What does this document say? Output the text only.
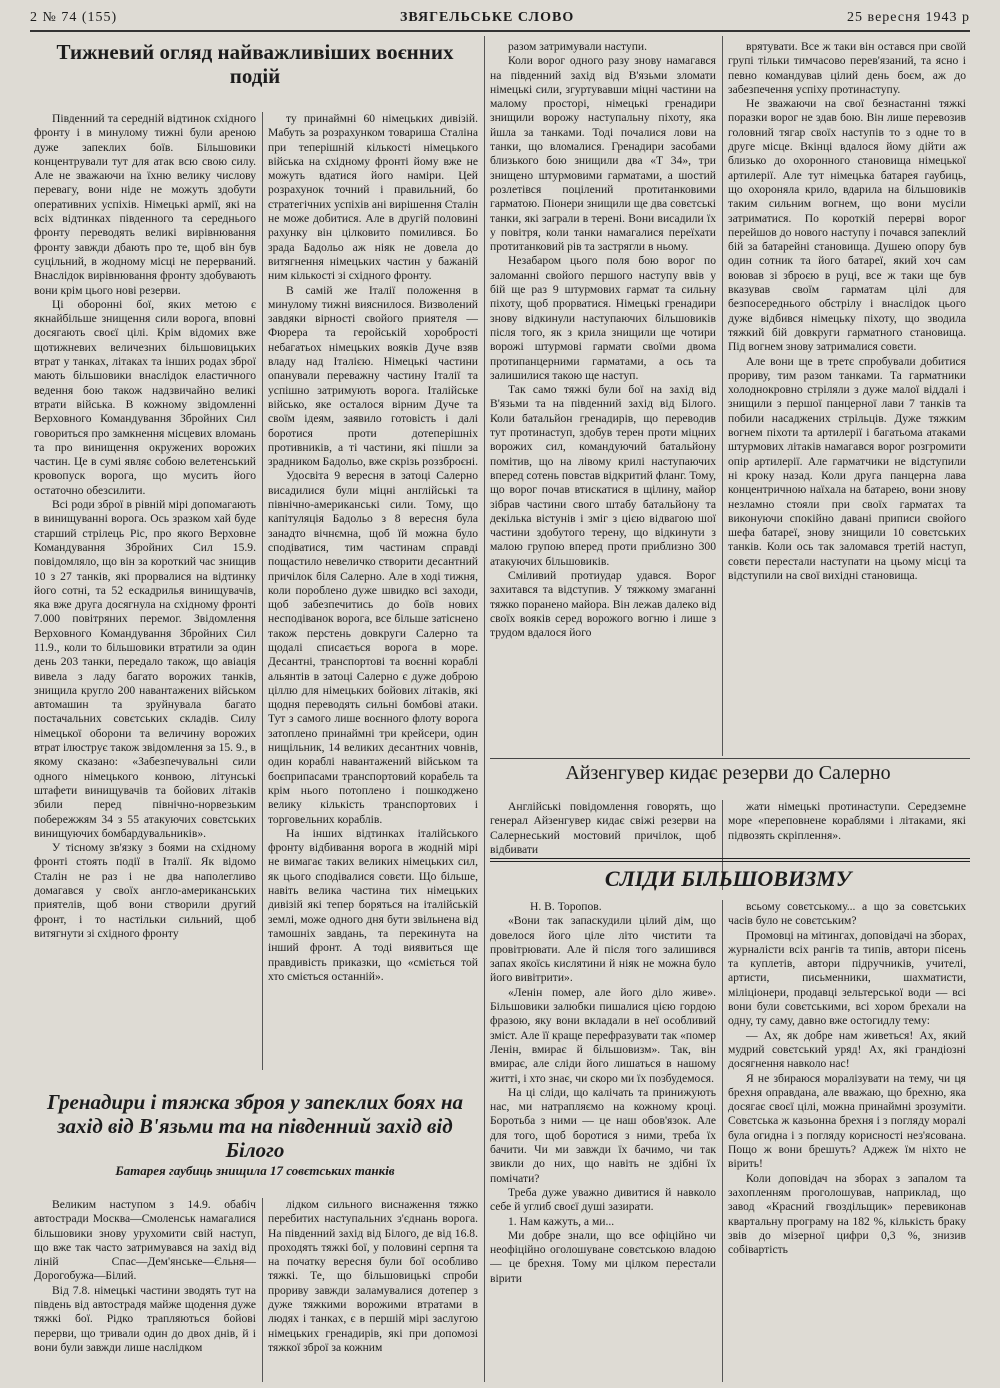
2 № 74 (155)	ЗВЯГЕЛЬСЬКЕ СЛОВО	25 вересня 1943 р
Тижневий огляд найважливіших воєнних подій

Південний та середній відтинок східного фронту і в минулому тижні були ареною дуже запеклих боїв. Більшовики концентрували тут для атак всю свою силу. Але не зважаючи на їхню велику числову перевагу, вони ніде не можуть здобути оперативних успіхів. Німецькі армії, які на всіх відтинках південного та середнього фронту переводять великі вирівнювання фронту завжди дбають про те, щоб він був суцільний, в жодному місці не перерваний. Внаслідок вирівнювання фронту здобувають вони крім цього нові резерви.

Ці оборонні бої, яких метою є якнайбільше знищення сили ворога, вповні досягають своєї цілі. Крім відомих вже щотижневих величезних більшовицьких втрат у танках, літаках та інших родах зброї мають більшовики внаслідок еластичного ведення бою також надзвичайно великі втрати війська. В кожному звідомленні Верховного Командування Збройних Сил говориться про замкнення місцевих вломань та про винищення окружених ворожих частин. Це в сумі являє собою велетенський кровопуск ворога, що мусить його остаточно обезсилити.

Всі роди зброї в рівній мірі допомагають в винищуванні ворога. Ось зразком хай буде старший стрілець Ріс, про якого Верховне Командування Збройних Сил 15.9. повідомляло, що він за короткий час знищив 10 з 27 танків, які прорвалися на відтинку його сотні, та 52 ескадрилья винищувачів, яка вже друга досягнула на східному фронті 7.000 повітряних перемог. Звідомлення Верховного Командування Збройних Сил 11.9., коли то більшовики втратили за один день 203 танки, передало також, що авіація вивела з ладу багато ворожих танків, знищила кругло 200 навантажених військом автомашин та зруйнувала багато постачальних совєтських складів. Силу німецької оборони та величину ворожих втрат ілюструє також звідомлення за 15. 9., в якому сказано: «Забезпечувальні сили одного німецького конвою, літунські штафети винищувачів та бойових літаків збили перед північно-норвезьким побережжям 34 з 55 атакуючих совєтських винищуючих бомбардувальників».

У тісному зв'язку з боями на східному фронті стоять події в Італії. Як відомо Сталін не раз і не два наполегливо домагався у своїх англо-американських приятелів, щоб вони створили другий фронт, і то настільки сильний, щоб витягнути зі східного фронту

ту принаймні 60 німецьких дивізій. Мабуть за розрахунком товариша Сталіна при теперішній кількості німецького війська на східному фронті йому вже не можуть вдатися його наміри. Цей розрахунок точний і правильний, бо стратегічних успіхів ані вирішення Сталін не може добитися. Але в другій половині рахунку він цілковито помилився. Бо зрада Бадольо аж ніяк не довела до витягнення німецьких частин у бажаній ним кількості зі східного фронту.

В самій же Італії положення в минулому тижні вияснилося. Визволений завдяки вірності свойого приятеля — Фюрера та геройській хоробрості небагатьох німецьких вояків Дуче взяв владу над Італією. Німецькі частини опанували переважну частину Італії та успішно затримують ворога. Італійське військо, яке осталося вірним Дуче та своїм ідеям, заявило готовість і далі боротися проти дотеперішніх противників, а ті частини, які пішли за зрадником Бадольо, вже скрізь роззброєні.

Удосвіта 9 вересня в затоці Салерно висадилися були міцні англійські та північно-американські сили. Тому, що капітуляція Бадольо з 8 вересня була занадто вічнємна, щоб їй можна було сподіватися, тим частинам справді пощастило невеличко створити десантний причілок біля Салерно. Але в ході тижня, коли пороблено дуже швидко всі заходи, щоб забезпечитись до боїв нових несподіванок ворога, все більше затіснено також перстень довкруги Салерно та щодалі списається ворога в море. Десантні, транспортові та воєнні кораблі альянтів в затоці Салерно є дуже доброю ціллю для німецьких бойових літаків, які щодня переводять сильні бомбові атаки. Тут з самого лише воєнного флоту ворога затоплено принаймні три крейсери, один нищільник, 14 великих десантних човнів, один кораблі навантажений військом та боєприпасами транспортовий корабель та крім нього потоплено і пошкоджено велику кількість транспортових і торговельних кораблів.

На інших відтинках італійського фронту відбивання ворога в жодній мірі не вимагає таких великих німецьких сил, як цього сподівалися совєти. Що більше, навіть велика частина тих німецьких дивізій які тепер боряться на італійській землі, може одного дня бути звільнена від тамошніх завдань, та перекинута на інший фронт. А тоді виявиться ще правдивість приказки, що «сміється той хто сміється останній».

Гренадири і тяжка зброя у запеклих боях на захід від В'язьми та на південний захід від Білого
Батарея гаубиць знищила 17 совєтських танків

Великим наступом з 14.9. обабіч автостради Москва—Смоленськ намагалися більшовики знову урухомити свій наступ, що вже так часто затримувався на захід від ліній Спас—Дем'янське—Єльня—Дорогобужа—Білий.

Від 7.8. німецькі частини зводять тут на південь від автострадя майже щодення дуже тяжкі бої. Рідко трапляються бойові перерви, що тривали один до двох днів, й і вони були завжди лише наслідком

лідком сильного виснаження тяжко перебитих наступальних з'єднань ворога. На південний захід від Білого, де від 16.8. проходять тяжкі бої, у половині серпня та на початку вересня були бої особливо тяжкі. Те, що більшовицькі спроби прориву завжди заламувалися дотепер з дуже тяжкими ворожими втратами в людях і танках, є в першій мірі заслугою німецьких гренадирів, які при допомозі тяжкої зброї за кожним

разом затримували наступи.

Коли ворог одного разу знову намагався на південний захід від В'язьми зломати німецькі сили, згуртувавши міцні частини на малому просторі, німецькі гренадири знищили ворожу наступальну піхоту, яка йшла за танками. Тоді почалися лови на танки, що вломалися. Гренадири засобами близького бою знищили два «Т 34», три знищено штурмовими гарматами, а шостий розлетівся поцілений протитанковими гарматою. Піонери знищили ще два совєтські танки, які заграли в терені. Вони висадили їх у повітря, коли танки намагалися переїхати протитанковий рів та застрягли в ньому.

Незабаром цього поля бою ворог по заломанні свойого першого наступу ввів у бій ще раз 9 штурмових гармат та сильну піхоту, щоб прорватися. Німецькі гренадири знову відкинули наступаючих більшовиків після того, як з крила знищили ще чотири ворожі штурмові гармати своїми двома протипанцерними гарматами, а ось та залишилися такою ще наступ.

Так само тяжкі були бої на захід від В'язьми та на південний захід від Білого. Коли батальйон гренадирів, що переводив тут протинаступ, здобув терен проти міцних ворожих сил, командуючий батальйону помітив, що на лівому крилі наступаючих вперед сотень повстав відкритий фланг. Тому, що ворог почав втискатися в щілину, майор зібрав частини свого штабу батальйону та декілька вістунів і зміг з цією відвагою шої частини здобутого терену, що відкинути з малою групою вперед проти приблизно 300 атакуючих більшовиків.

Сміливий протиудар удався. Ворог захитався та відступив. У тяжкому змаганні тяжко поранено майора. Він лежав далеко від своїх вояків серед ворожого вогню і лише з трудом вдалося його

врятувати. Все ж таки він остався при своїй групі тільки тимчасово перев'язаний, та ясно і певно командував цілий день боєм, аж до забезпечення успіху протинаступу.

Не зважаючи на свої безнастанні тяжкі поразки ворог не здав бою. Він лише перевозив головний тягар своїх наступів то з одне то в друге місце. Вкінці вдалося йому дійти аж близько до охоронного становища німецької артилерії. Але тут німецька батарея гаубиць, що охороняла крило, вдарила на більшовиків таким сильним вогнем, що вони мусіли затриматися. По короткій перерві ворог перейшов до нового наступу і почався запеклий бій за батарейні становища. Душею опору був один сотник та його батареї, який хоч сам воював зі зброєю в руці, все ж таки ще був вказував своїм гарматам цілі для безпосереднього обстрілу і внаслідок цього дуже відбився німецьку піхоту, що зводила тяжкий бій довкруги гарматного становища. Під вогнем знову затрималися совєти.

Але вони ще в третє спробували добитися прориву, тим разом танками. Та гарматники холоднокровно стріляли з дуже малої віддалі і знищили з першої панцерної лави 7 танків та побили насаджених стрільців. Дуже тяжким вогнем піхоти та артилерії і багатьома атаками штурмових літаків намагався ворог розгромити опір артилерії. Але гарматчики не відступили ні кроку назад. Коли друга панцерна лава концентричною наїхала на батарею, вони знову незламно стояли при своїх гарматах та виконуючи спокійно давані приписи свойого шефа батареї, знову знищили 10 совєтських танків. Коли ось так заломався третій наступ, совєти перестали наступати на цьому місці та відступили на свої вихідні становища.

Айзенгувер кидає резерви до Салерно

Англійські повідомлення говорять, що генерал Айзенгувер кидає свіжі резерви на Салернеський мостовий причілок, щоб відбивати

жати німецькі протинаступи. Середземне море «переповнене кораблями і літаками, які підвозять скріплення».

СЛІДИ БІЛЬШОВИЗМУ

Н. В. Торопов.

«Вони так запаскудили цілий дім, що довелося його ціле літо чистити та провітрювати. Але й після того залишився запах якоїсь кислятини й ніяк не можна було його вивітрити».

«Ленін помер, але його діло живе». Більшовики залюбки пишалися цією гордою фразою, яку вони вкладали в неї особливий зміст. Але її краще перефразувати так «помер Ленін, вмирає й більшовизм». Так, він вмирає, але сліди його лишаться в нашому житті, і хто знає, чи скоро ми їх позбудемося.

На ці сліди, що калічать та принижують нас, ми натрапляємо на кожному кроці. Боротьба з ними — це наш обов'язок. Але для того, щоб боротися з ними, треба їх бачити. Чи ми завжди їх бачимо, чи так звикли до них, що навіть не здібні їх помічати?

Треба дуже уважно дивитися й навколо себе й углиб своєї душі зазирати.

1. Нам кажуть, а ми...

Ми добре знали, що все офіційно чи неофіційно оголошуване совєтською владою — це брехня. Тому ми цілком перестали вірити

всьому совєтському... а що за совєтських часів було не совєтським?

Промовці на мітингах, доповідачі на зборах, журналісти всіх рангів та типів, автори пісень та куплетів, автори підручників, учителі, артисти, письменники, шахматисти, міліціонери, продавці зельтерської води — всі вони були совєтськими, всі хором брехали на одну, ту саму, давно вже остогидлу тему:

— Ах, як добре нам живеться! Ах, який мудрий совєтський уряд! Ах, які грандіозні досягнення навколо нас!

Я не збираюся моралізувати на тему, чи ця брехня оправдана, але вважаю, що брехню, яка досягає своєї цілі, можна принаймні зрозуміти. Совєтська ж казьонна брехня і з погляду моралі була огидна і з погляду корисності нез'ясована. Пощо ж вони брешуть? Аджеж їм ніхто не вірить!

Коли доповідач на зборах з запалом та захопленням проголошував, наприклад, що завод «Красний гвоздільщик» перевиконав квартальну програму на 182 %, кількість браку звів до мізерної цифри 0,3 %, знизив собівартість
